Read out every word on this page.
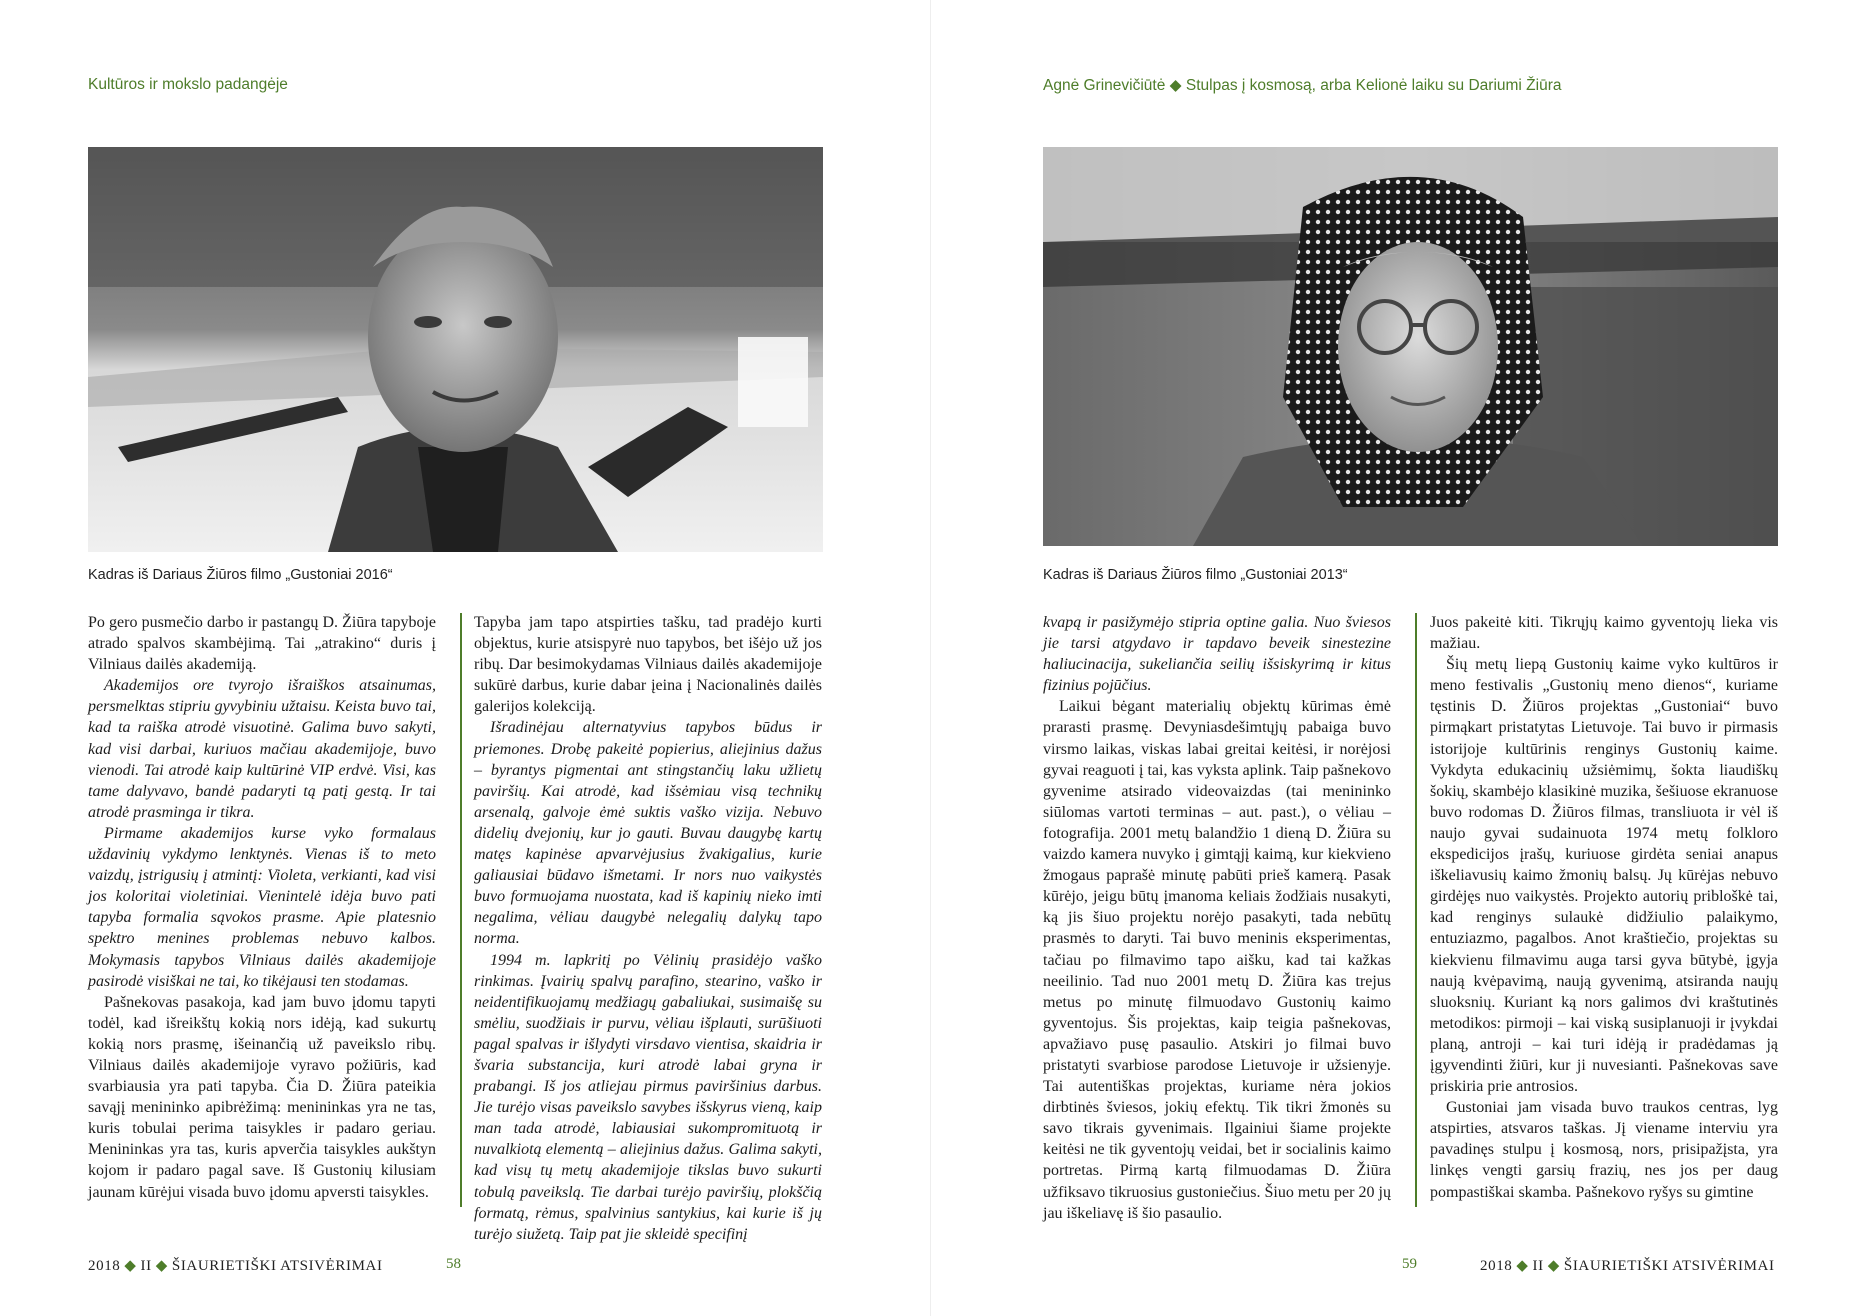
Kultūros ir mokslo padangėje
Kadras iš Dariaus Žiūros filmo „Gustoniai 2016“

Po gero pusmečio darbo ir pastangų D. Žiūra tapyboje atrado spalvos skambėjimą. Tai „atrakino“ duris į Vilniaus dailės akademiją.

Akademijos ore tvyrojo išraiškos atsainumas, persmelktas stipriu gyvybiniu užtaisu. Keista buvo tai, kad ta raiška atrodė visuotinė. Galima buvo sakyti, kad visi darbai, kuriuos mačiau akademijoje, buvo vienodi. Tai atrodė kaip kultūrinė VIP erdvė. Visi, kas tame dalyvavo, bandė padaryti tą patį gestą. Ir tai atrodė prasminga ir tikra.

Pirmame akademijos kurse vyko formalaus uždavinių vykdymo lenktynės. Vienas iš to meto vaizdų, įstrigusių į atmintį: Violeta, verkianti, kad visi jos koloritai violetiniai. Vienintelė idėja buvo pati tapyba formalia sąvokos prasme. Apie platesnio spektro menines problemas nebuvo kalbos. Mokymasis tapybos Vilniaus dailės akademijoje pasirodė visiškai ne tai, ko tikėjausi ten stodamas.

Pašnekovas pasakoja, kad jam buvo įdomu tapyti todėl, kad išreikštų kokią nors idėją, kad sukurtų kokią nors prasmę, išeinančią už paveikslo ribų. Vilniaus dailės akademijoje vyravo požiūris, kad svarbiausia yra pati tapyba. Čia D. Žiūra pateikia savąjį menininko apibrėžimą: menininkas yra ne tas, kuris tobulai perima taisykles ir padaro geriau. Menininkas yra tas, kuris apverčia taisykles aukštyn kojom ir padaro pagal save. Iš Gustonių kilusiam jaunam kūrėjui visada buvo įdomu apversti taisykles.

Tapyba jam tapo atspirties tašku, tad pradėjo kurti objektus, kurie atsispyrė nuo tapybos, bet išėjo už jos ribų. Dar besimokydamas Vilniaus dailės akademijoje sukūrė darbus, kurie dabar įeina į Nacionalinės dailės galerijos kolekciją.

Išradinėjau alternatyvius tapybos būdus ir priemones. Drobę pakeitė popierius, aliejinius dažus – byrantys pigmentai ant stingstančių laku užlietų paviršių. Kai atrodė, kad išsėmiau visą technikų arsenalą, galvoje ėmė suktis vaško vizija. Nebuvo didelių dvejonių, kur jo gauti. Buvau daugybę kartų matęs kapinėse apvarvėjusius žvakigalius, kurie galiausiai būdavo išmetami. Ir nors nuo vaikystės buvo formuojama nuostata, kad iš kapinių nieko imti negalima, vėliau daugybė nelegalių dalykų tapo norma.

1994 m. lapkritį po Vėlinių prasidėjo vaško rinkimas. Įvairių spalvų parafino, stearino, vaško ir neidentifikuojamų medžiagų gabaliukai, susimaišę su smėliu, suodžiais ir purvu, vėliau išplauti, surūšiuoti pagal spalvas ir išlydyti virsdavo vientisa, skaidria ir švaria substancija, kuri atrodė labai gryna ir prabangi. Iš jos atliejau pirmus paviršinius darbus. Jie turėjo visas paveikslo savybes išskyrus vieną, kaip man tada atrodė, labiausiai sukompromituotą ir nuvalkiotą elementą – aliejinius dažus. Galima sakyti, kad visų tų metų akademijoje tikslas buvo sukurti tobulą paveikslą. Tie darbai turėjo paviršių, plokščią formatą, rėmus, spalvinius santykius, kai kurie iš jų turėjo siužetą. Taip pat jie skleidė specifinį

2018 ◆ II ◆ ŠIAURIETIŠKI ATSIVĖRIMAI	58
Agnė Grinevičiūtė ◆ Stulpas į kosmosą, arba Kelionė laiku su Dariumi Žiūra
Kadras iš Dariaus Žiūros filmo „Gustoniai 2013“

kvapą ir pasižymėjo stipria optine galia. Nuo šviesos jie tarsi atgydavo ir tapdavo beveik sinestezine haliucinacija, sukeliančia seilių išsiskyrimą ir kitus fizinius pojūčius.

Laikui bėgant materialių objektų kūrimas ėmė prarasti prasmę. Devyniasdešimtųjų pabaiga buvo virsmo laikas, viskas labai greitai keitėsi, ir norėjosi gyvai reaguoti į tai, kas vyksta aplink. Taip pašnekovo gyvenime atsirado videovaizdas (tai menininko siūlomas vartoti terminas – aut. past.), o vėliau – fotografija. 2001 metų balandžio 1 dieną D. Žiūra su vaizdo kamera nuvyko į gimtąjį kaimą, kur kiekvieno žmogaus paprašė minutę pabūti prieš kamerą. Pasak kūrėjo, jeigu būtų įmanoma keliais žodžiais nusakyti, ką jis šiuo projektu norėjo pasakyti, tada nebūtų prasmės to daryti. Tai buvo meninis eksperimentas, tačiau po filmavimo tapo aišku, kad tai kažkas neeilinio. Tad nuo 2001 metų D. Žiūra kas trejus metus po minutę filmuodavo Gustonių kaimo gyventojus. Šis projektas, kaip teigia pašnekovas, apvažiavo pusę pasaulio. Atskiri jo filmai buvo pristatyti svarbiose parodose Lietuvoje ir užsienyje. Tai autentiškas projektas, kuriame nėra jokios dirbtinės šviesos, jokių efektų. Tik tikri žmonės su savo tikrais gyvenimais. Ilgainiui šiame projekte keitėsi ne tik gyventojų veidai, bet ir socialinis kaimo portretas. Pirmą kartą filmuodamas D. Žiūra užfiksavo tikruosius gustoniečius. Šiuo metu per 20 jų jau iškeliavę iš šio pasaulio.

Juos pakeitė kiti. Tikrųjų kaimo gyventojų lieka vis mažiau.

Šių metų liepą Gustonių kaime vyko kultūros ir meno festivalis „Gustonių meno dienos“, kuriame tęstinis D. Žiūros projektas „Gustoniai“ buvo pirmąkart pristatytas Lietuvoje. Tai buvo ir pirmasis istorijoje kultūrinis renginys Gustonių kaime. Vykdyta edukacinių užsiėmimų, šokta liaudiškų šokių, skambėjo klasikinė muzika, šešiuose ekranuose buvo rodomas D. Žiūros filmas, transliuota ir vėl iš naujo gyvai sudainuota 1974 metų folkloro ekspedicijos įrašų, kuriuose girdėta seniai anapus iškeliavusių kaimo žmonių balsų. Jų kūrėjas nebuvo girdėjęs nuo vaikystės. Projekto autorių pribloškė tai, kad renginys sulaukė didžiulio palaikymo, entuziazmo, pagalbos. Anot kraštiečio, projektas su kiekvienu filmavimu auga tarsi gyva būtybė, įgyja naują kvėpavimą, naują gyvenimą, atsiranda naujų sluoksnių. Kuriant ką nors galimos dvi kraštutinės metodikos: pirmoji – kai viską susiplanuoji ir įvykdai planą, antroji – kai turi idėją ir pradėdamas ją įgyvendinti žiūri, kur ji nuvesianti. Pašnekovas save priskiria prie antrosios.

Gustoniai jam visada buvo traukos centras, lyg atspirties, atsvaros taškas. Jį viename interviu yra pavadinęs stulpu į kosmosą, nors, prisipažįsta, yra linkęs vengti garsių frazių, nes jos per daug pompastiškai skamba. Pašnekovo ryšys su gimtine

59	2018 ◆ II ◆ ŠIAURIETIŠKI ATSIVĖRIMAI
